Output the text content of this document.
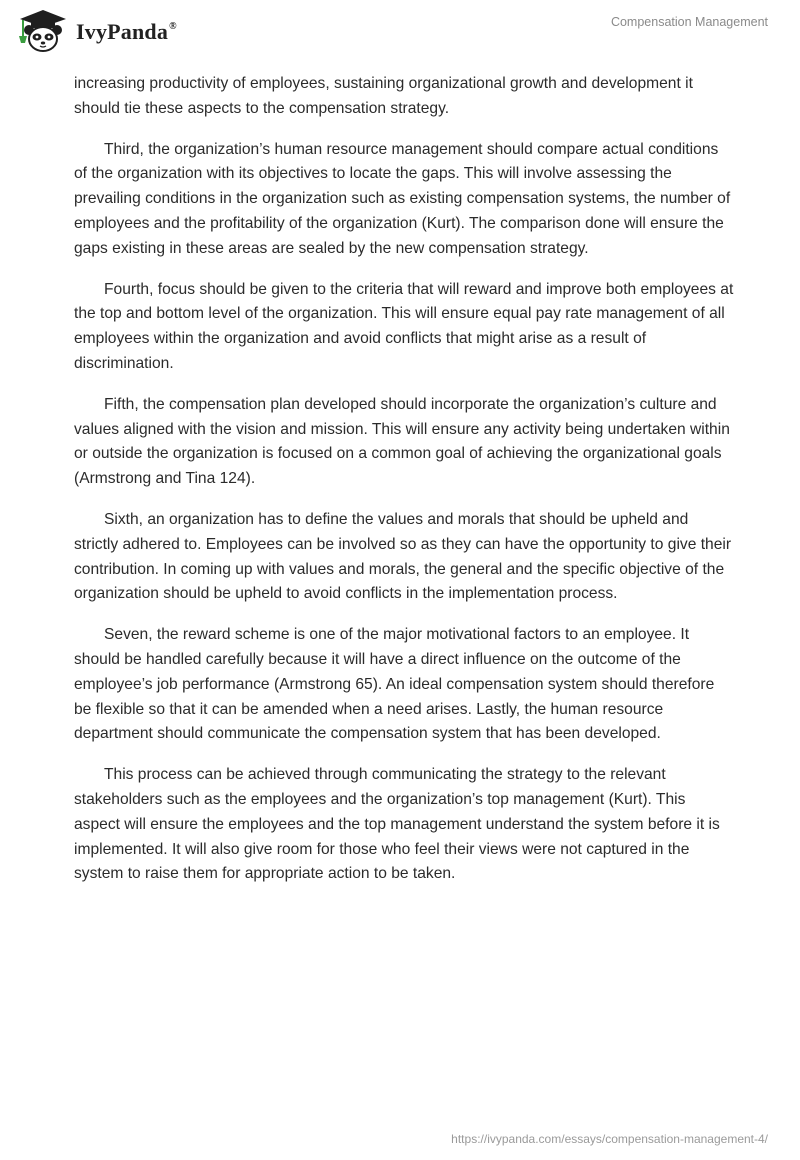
IvyPanda®	Compensation Management

increasing productivity of employees, sustaining organizational growth and development it should tie these aspects to the compensation strategy.

Third, the organization’s human resource management should compare actual conditions of the organization with its objectives to locate the gaps. This will involve assessing the prevailing conditions in the organization such as existing compensation systems, the number of employees and the profitability of the organization (Kurt). The comparison done will ensure the gaps existing in these areas are sealed by the new compensation strategy.

Fourth, focus should be given to the criteria that will reward and improve both employees at the top and bottom level of the organization. This will ensure equal pay rate management of all employees within the organization and avoid conflicts that might arise as a result of discrimination.

Fifth, the compensation plan developed should incorporate the organization’s culture and values aligned with the vision and mission. This will ensure any activity being undertaken within or outside the organization is focused on a common goal of achieving the organizational goals (Armstrong and Tina 124).

Sixth, an organization has to define the values and morals that should be upheld and strictly adhered to. Employees can be involved so as they can have the opportunity to give their contribution. In coming up with values and morals, the general and the specific objective of the organization should be upheld to avoid conflicts in the implementation process.

Seven, the reward scheme is one of the major motivational factors to an employee. It should be handled carefully because it will have a direct influence on the outcome of the employee’s job performance (Armstrong 65). An ideal compensation system should therefore be flexible so that it can be amended when a need arises. Lastly, the human resource department should communicate the compensation system that has been developed.

This process can be achieved through communicating the strategy to the relevant stakeholders such as the employees and the organization’s top management (Kurt). This aspect will ensure the employees and the top management understand the system before it is implemented. It will also give room for those who feel their views were not captured in the system to raise them for appropriate action to be taken.

https://ivypanda.com/essays/compensation-management-4/
